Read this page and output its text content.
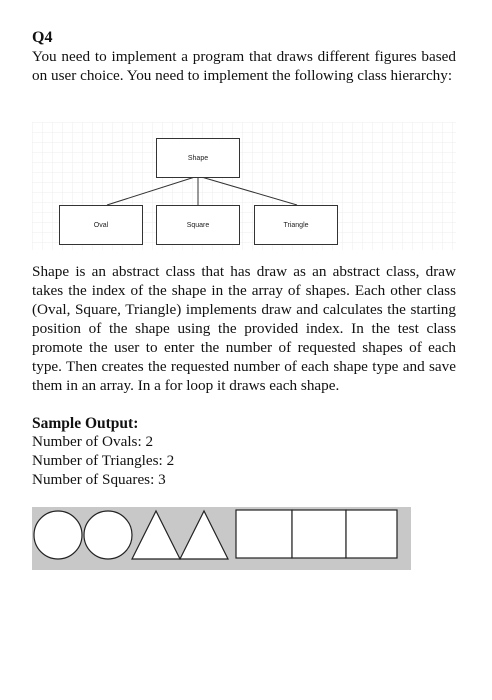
Q4

You need to implement a program that draws different figures based on user choice. You need to implement the following class hierarchy:

Shape
Oval	Square	Triangle

Shape is an abstract class that has draw as an abstract class, draw takes the index of the shape in the array of shapes. Each other class (Oval, Square, Triangle) implements draw and calculates the starting position of the shape using the provided index. In the test class promote the user to enter the number of requested shapes of each type. Then creates the requested number of each shape type and save them in an array. In a for loop it draws each shape.

Sample Output:
Number of Ovals: 2
Number of Triangles: 2
Number of Squares: 3
